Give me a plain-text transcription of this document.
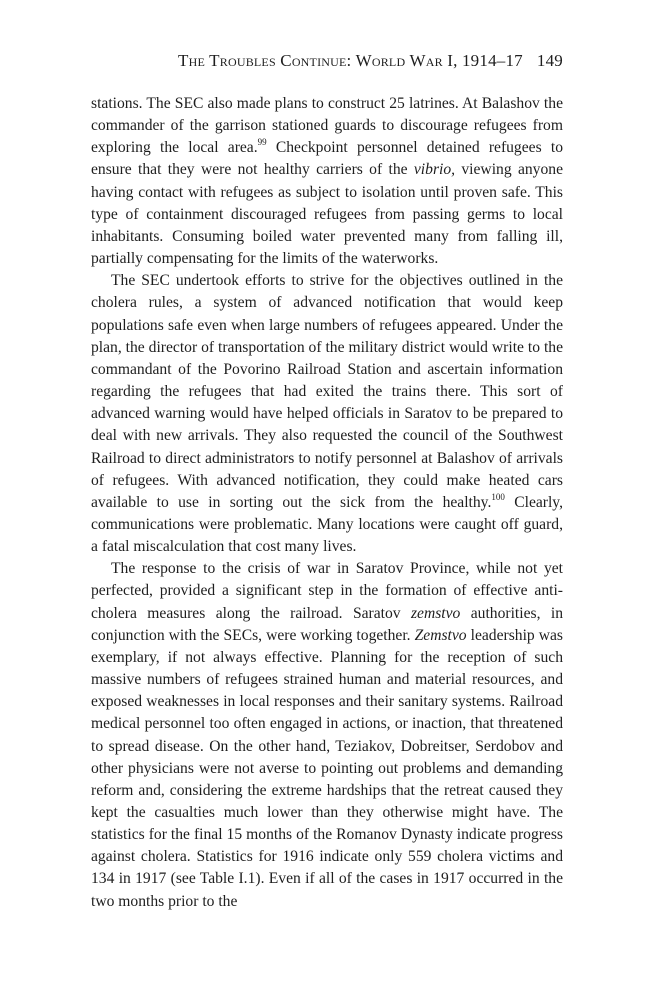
The Troubles Continue: World War I, 1914–17 149

stations. The SEC also made plans to construct 25 latrines. At Balashov the commander of the garrison stationed guards to discourage refugees from exploring the local area.$^{99}$ Checkpoint personnel detained refugees to ensure that they were not healthy carriers of the vibrio, viewing anyone having contact with refugees as subject to isolation until proven safe. This type of containment discouraged refugees from passing germs to local inhabitants. Consuming boiled water prevented many from falling ill, partially compensating for the limits of the waterworks.

The SEC undertook efforts to strive for the objectives outlined in the cholera rules, a system of advanced notification that would keep populations safe even when large numbers of refugees appeared. Under the plan, the director of transportation of the military district would write to the commandant of the Povorino Railroad Station and ascertain information regarding the refugees that had exited the trains there. This sort of advanced warning would have helped officials in Saratov to be prepared to deal with new arrivals. They also requested the council of the Southwest Railroad to direct administrators to notify personnel at Balashov of arrivals of refugees. With advanced notification, they could make heated cars available to use in sorting out the sick from the healthy.$^{100}$ Clearly, communications were problematic. Many locations were caught off guard, a fatal miscalculation that cost many lives.

The response to the crisis of war in Saratov Province, while not yet perfected, provided a significant step in the formation of effective anti-cholera measures along the railroad. Saratov zemstvo authorities, in conjunction with the SECs, were working together. Zemstvo leadership was exemplary, if not always effective. Planning for the reception of such massive numbers of refugees strained human and material resources, and exposed weaknesses in local responses and their sanitary systems. Railroad medical personnel too often engaged in actions, or inaction, that threatened to spread disease. On the other hand, Teziakov, Dobreitser, Serdobov and other physicians were not averse to pointing out problems and demanding reform and, considering the extreme hardships that the retreat caused they kept the casualties much lower than they otherwise might have. The statistics for the final 15 months of the Romanov Dynasty indicate progress against cholera. Statistics for 1916 indicate only 559 cholera victims and 134 in 1917 (see Table I.1). Even if all of the cases in 1917 occurred in the two months prior to the
